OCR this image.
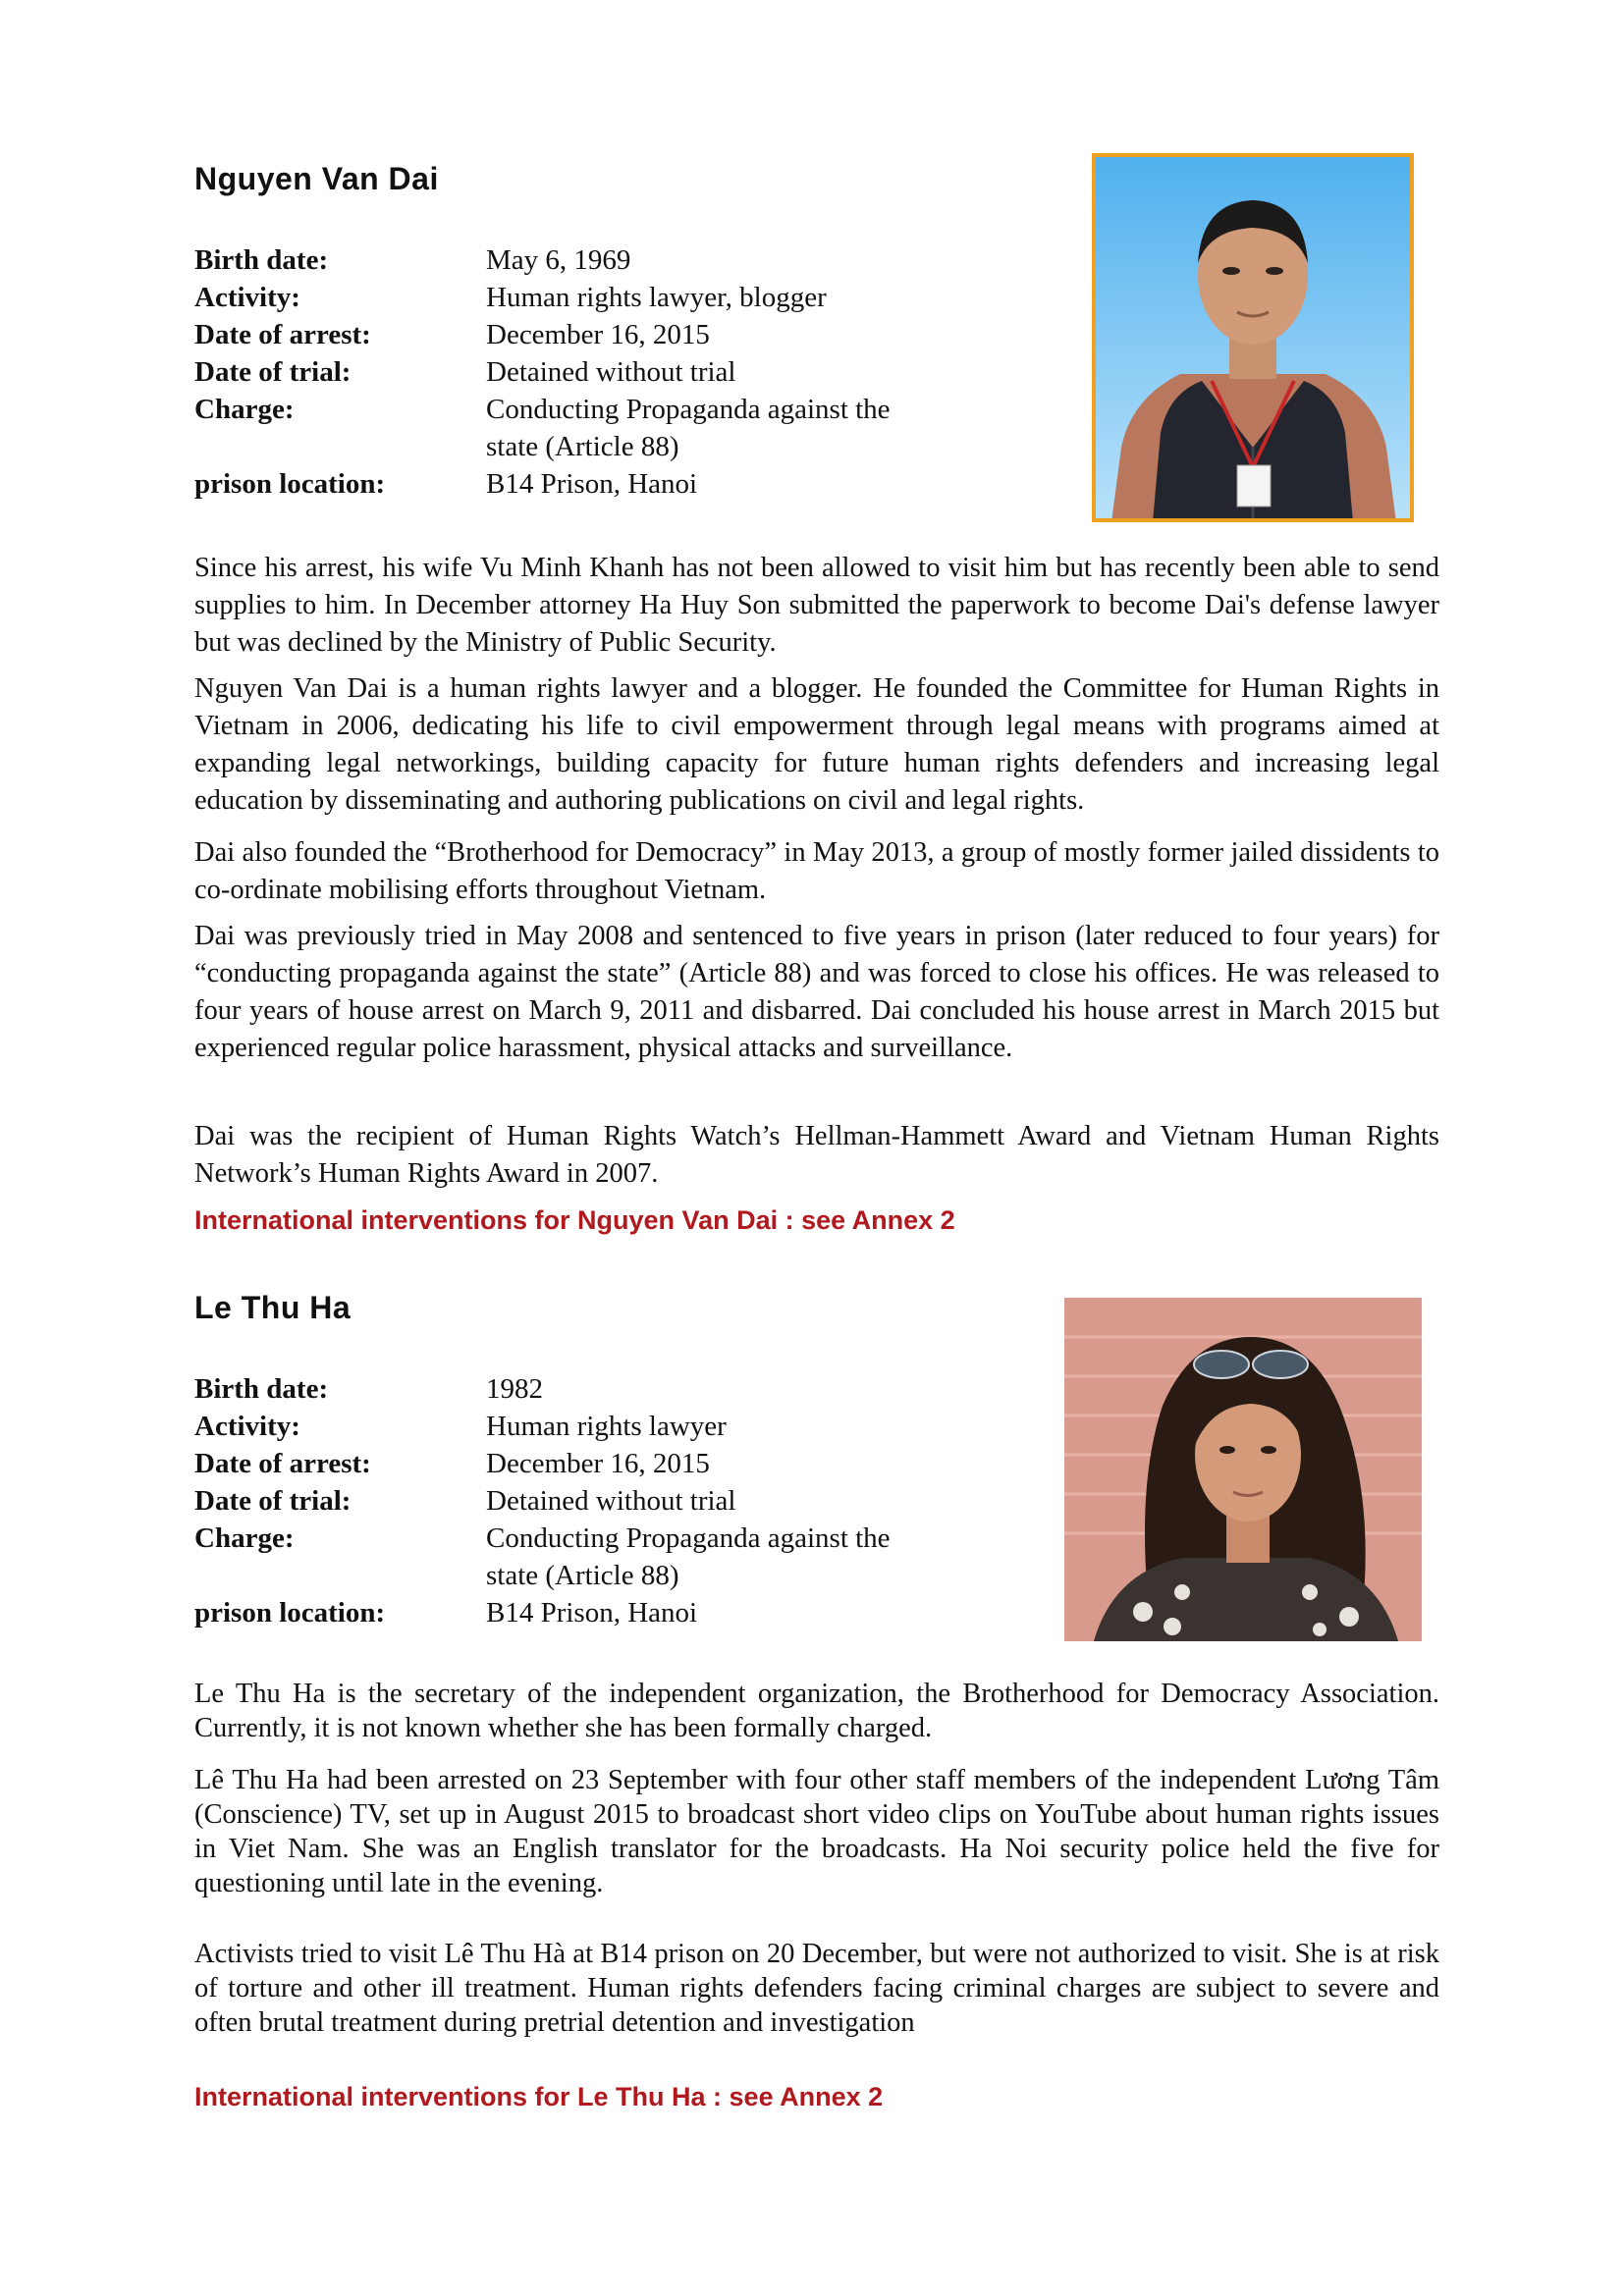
Nguyen Van Dai
Birth date:	May 6, 1969
Activity:	Human rights lawyer, blogger
Date of arrest:	December 16, 2015
Date of trial:	Detained without trial
Charge:	Conducting Propaganda against the state (Article 88)
prison location:	B14 Prison, Hanoi

Since his arrest, his wife Vu Minh Khanh has not been allowed to visit him but has recently been able to send supplies to him. In December attorney Ha Huy Son submitted the paperwork to become Dai's defense lawyer but was declined by the Ministry of Public Security.

Nguyen Van Dai is a human rights lawyer and a blogger. He founded the Committee for Human Rights in Vietnam in 2006, dedicating his life to civil empowerment through legal means with programs aimed at expanding legal networkings, building capacity for future human rights defenders and increasing legal education by disseminating and authoring publications on civil and legal rights.

Dai also founded the “Brotherhood for Democracy” in May 2013, a group of mostly former jailed dissidents to co-ordinate mobilising efforts throughout Vietnam.

Dai was previously tried in May 2008 and sentenced to five years in prison (later reduced to four years) for “conducting propaganda against the state” (Article 88) and was forced to close his offices. He was released to four years of house arrest on March 9, 2011 and disbarred. Dai concluded his house arrest in March 2015 but experienced regular police harassment, physical attacks and surveillance.

Dai was the recipient of Human Rights Watch’s Hellman-Hammett Award and Vietnam Human Rights Network’s Human Rights Award in 2007.

International interventions for Nguyen Van Dai : see Annex 2

Le Thu Ha
Birth date:	1982
Activity:	Human rights lawyer
Date of arrest:	December 16, 2015
Date of trial:	Detained without trial
Charge:	Conducting Propaganda against the state (Article 88)
prison location:	B14 Prison, Hanoi

Le Thu Ha is the secretary of the independent organization, the Brotherhood for Democracy Association. Currently, it is not known whether she has been formally charged.

Lê Thu Ha had been arrested on 23 September with four other staff members of the independent Lương Tâm (Conscience) TV, set up in August 2015 to broadcast short video clips on YouTube about human rights issues in Viet Nam. She was an English translator for the broadcasts. Ha Noi security police held the five for questioning until late in the evening.

Activists tried to visit Lê Thu Hà at B14 prison on 20 December, but were not authorized to visit. She is at risk of torture and other ill treatment. Human rights defenders facing criminal charges are subject to severe and often brutal treatment during pretrial detention and investigation

International interventions for Le Thu Ha : see Annex 2
